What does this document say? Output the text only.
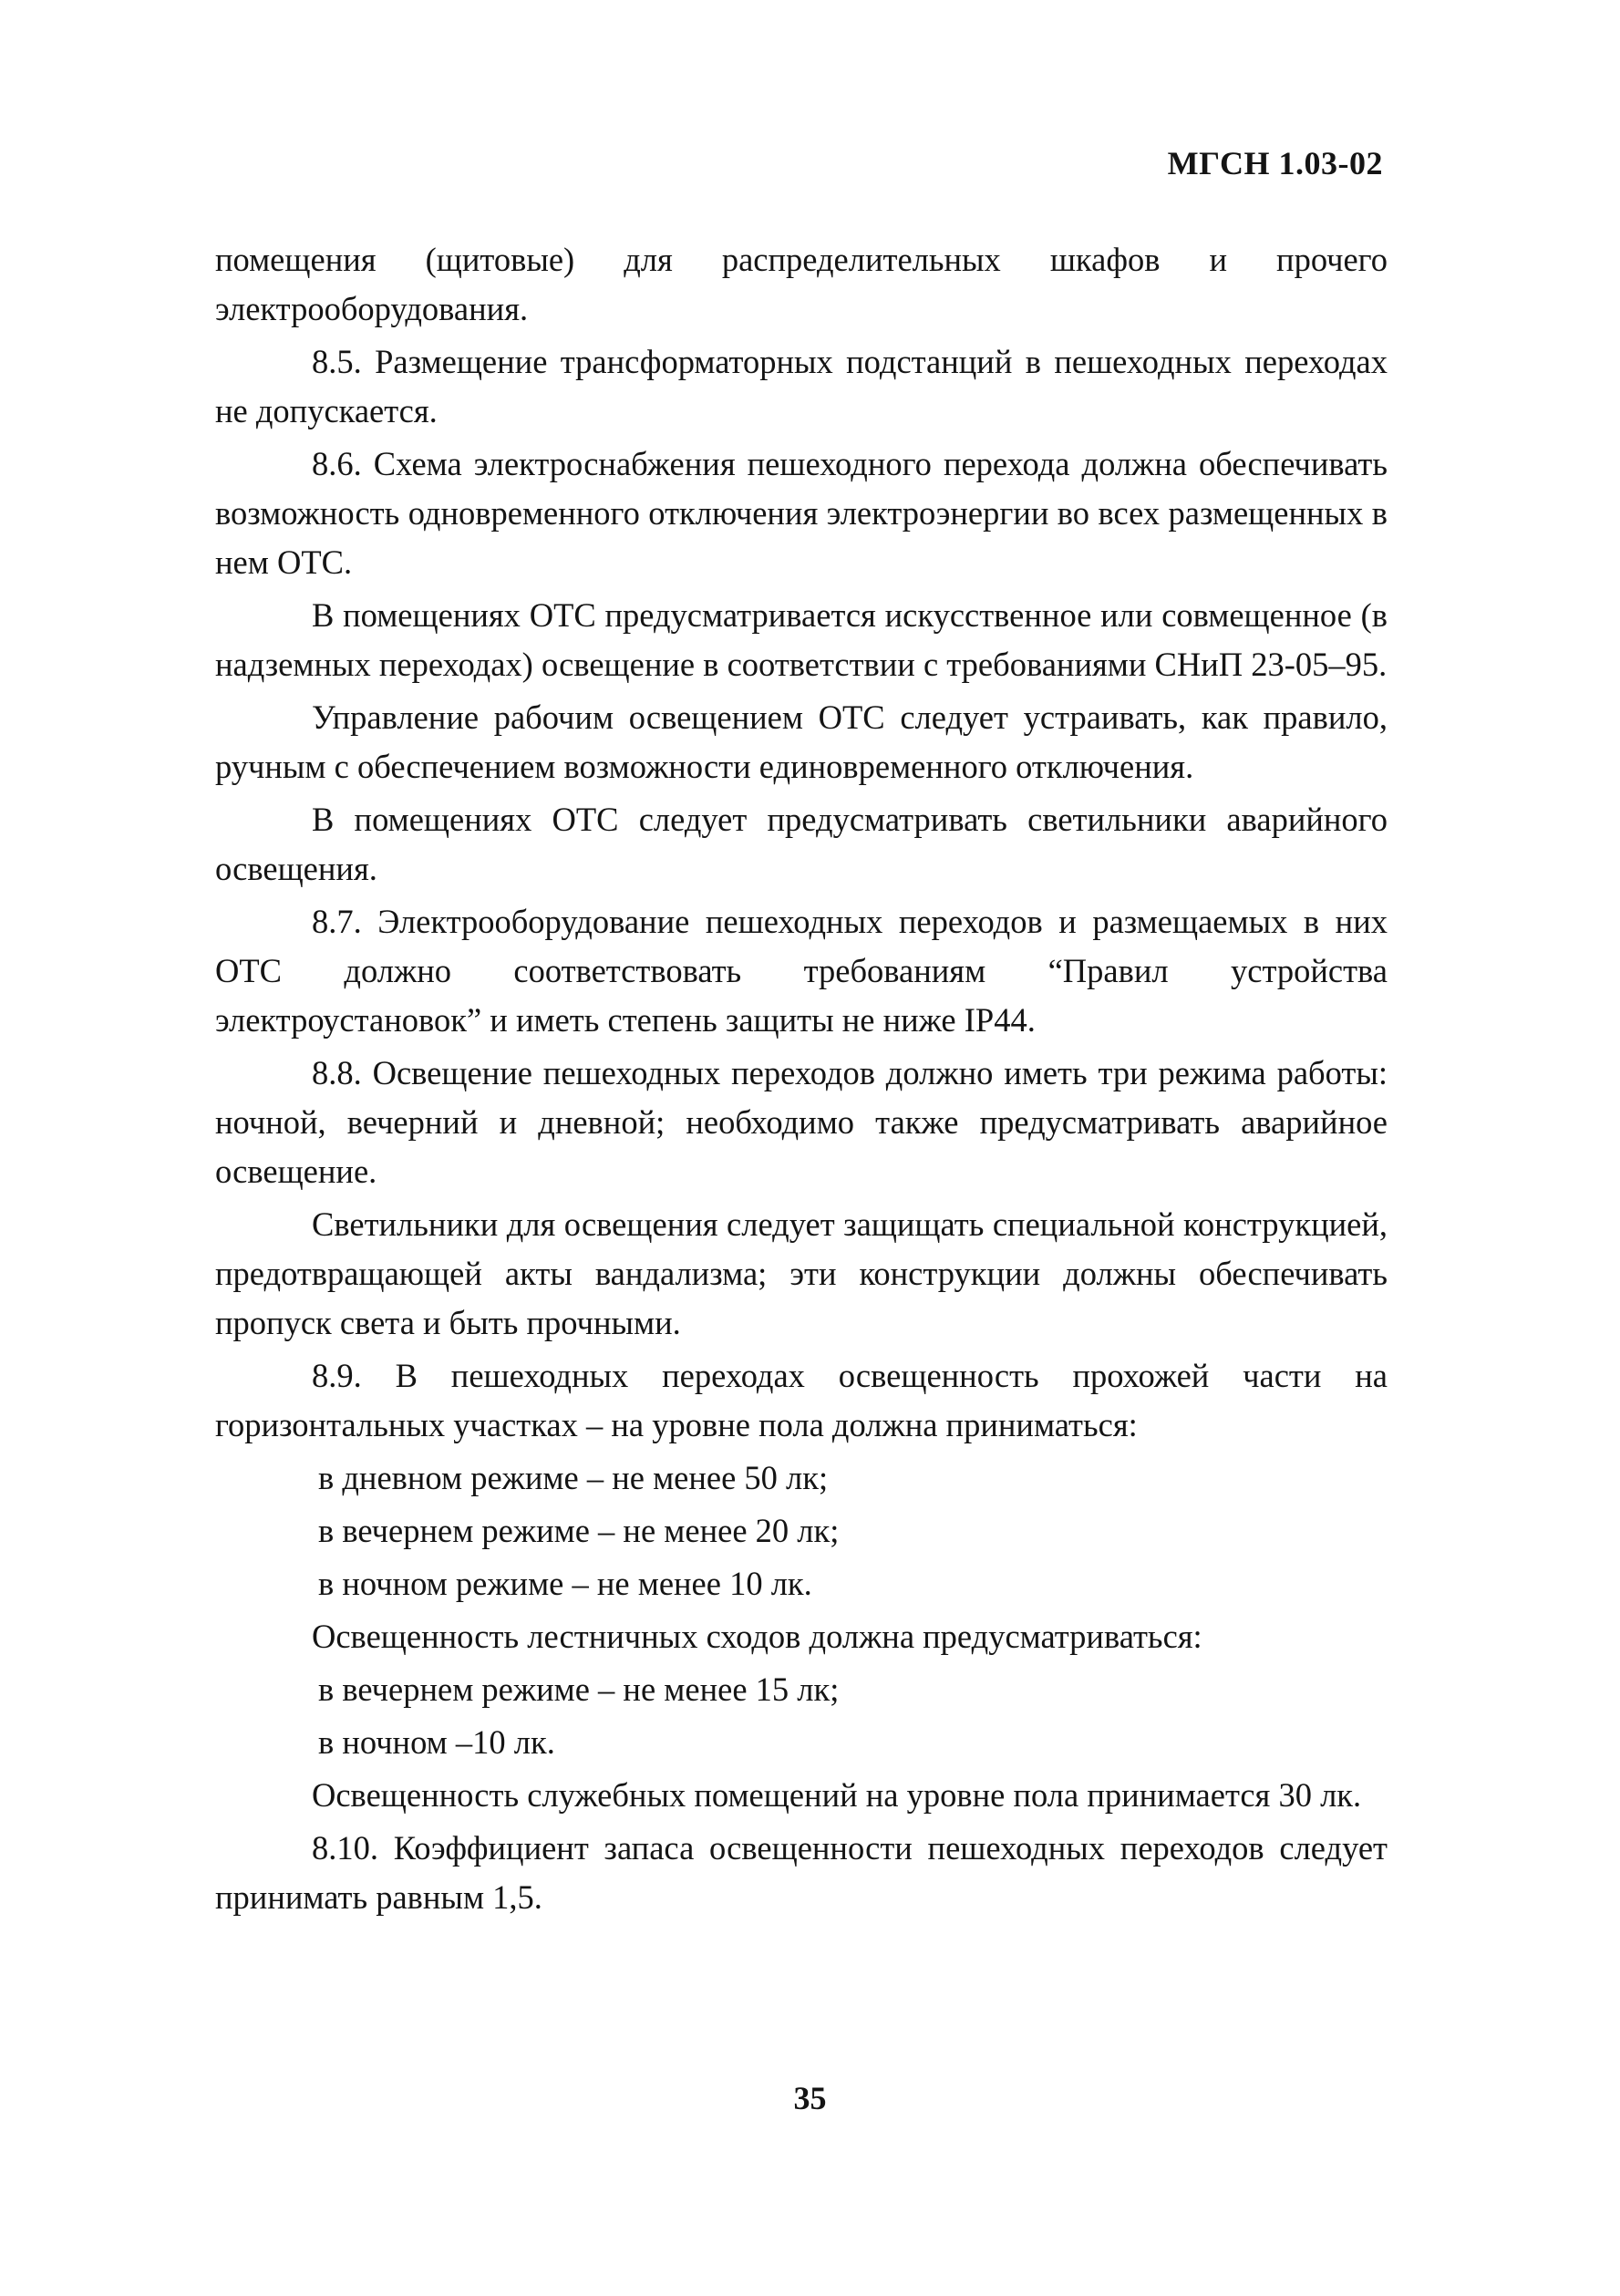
МГСН 1.03-02

помещения (щитовые) для распределительных шкафов и прочего электрооборудования.

8.5. Размещение трансформаторных подстанций в пешеходных переходах не допускается.

8.6. Схема электроснабжения пешеходного перехода должна обеспечивать возможность одновременного отключения электроэнергии во всех размещенных в нем ОТС.

В помещениях ОТС предусматривается искусственное или совмещенное (в надземных переходах) освещение в соответствии с требованиями СНиП 23-05–95.

Управление рабочим освещением ОТС следует устраивать, как правило, ручным с обеспечением возможности единовременного отключения.

В помещениях ОТС следует предусматривать светильники аварийного освещения.

8.7. Электрооборудование пешеходных переходов и размещаемых в них ОТС должно соответствовать требованиям “Правил устройства электроустановок” и иметь степень защиты не ниже IP44.

8.8. Освещение пешеходных переходов должно иметь три режима работы: ночной, вечерний и дневной; необходимо также предусматривать аварийное освещение.

Светильники для освещения следует защищать специальной конструкцией, предотвращающей акты вандализма; эти конструкции должны обеспечивать пропуск света и быть прочными.

8.9. В пешеходных переходах освещенность прохожей части на горизонтальных участках – на уровне пола должна приниматься:

в дневном режиме – не менее 50 лк;

в вечернем режиме – не менее 20 лк;

в ночном режиме – не менее 10 лк.

Освещенность лестничных сходов должна предусматриваться:

в вечернем режиме – не менее 15 лк;

в ночном –10 лк.

Освещенность служебных помещений на уровне пола принимается 30 лк.

8.10. Коэффициент запаса освещенности пешеходных переходов следует принимать равным 1,5.

35
